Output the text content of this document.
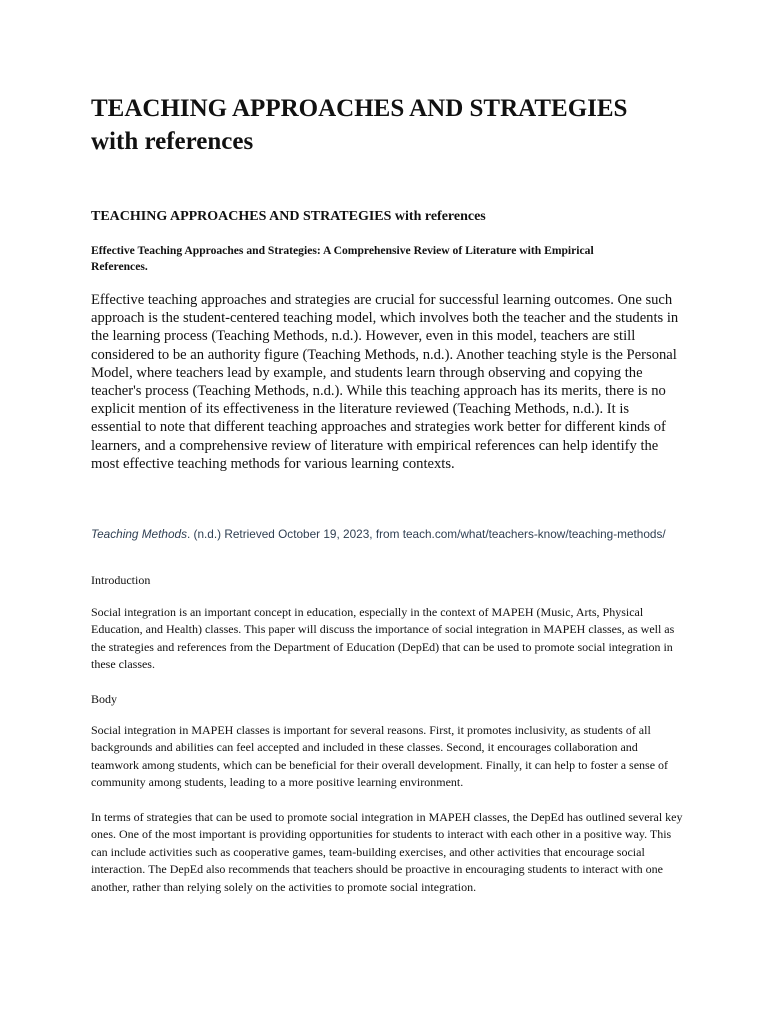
TEACHING APPROACHES AND STRATEGIES
with references
TEACHING APPROACHES AND STRATEGIES with references
Effective Teaching Approaches and Strategies: A Comprehensive Review of Literature with Empirical References.

Effective teaching approaches and strategies are crucial for successful learning outcomes. One such approach is the student-centered teaching model, which involves both the teacher and the students in the learning process (Teaching Methods, n.d.). However, even in this model, teachers are still considered to be an authority figure (Teaching Methods, n.d.). Another teaching style is the Personal Model, where teachers lead by example, and students learn through observing and copying the teacher's process (Teaching Methods, n.d.). While this teaching approach has its merits, there is no explicit mention of its effectiveness in the literature reviewed (Teaching Methods, n.d.). It is essential to note that different teaching approaches and strategies work better for different kinds of learners, and a comprehensive review of literature with empirical references can help identify the most effective teaching methods for various learning contexts.

Teaching Methods. (n.d.) Retrieved October 19, 2023, from teach.com/what/teachers-know/teaching-methods/

Introduction

Social integration is an important concept in education, especially in the context of MAPEH (Music, Arts, Physical Education, and Health) classes. This paper will discuss the importance of social integration in MAPEH classes, as well as the strategies and references from the Department of Education (DepEd) that can be used to promote social integration in these classes.

Body

Social integration in MAPEH classes is important for several reasons. First, it promotes inclusivity, as students of all backgrounds and abilities can feel accepted and included in these classes. Second, it encourages collaboration and teamwork among students, which can be beneficial for their overall development. Finally, it can help to foster a sense of community among students, leading to a more positive learning environment.

In terms of strategies that can be used to promote social integration in MAPEH classes, the DepEd has outlined several key ones. One of the most important is providing opportunities for students to interact with each other in a positive way. This can include activities such as cooperative games, team-building exercises, and other activities that encourage social interaction. The DepEd also recommends that teachers should be proactive in encouraging students to interact with one another, rather than relying solely on the activities to promote social integration.
